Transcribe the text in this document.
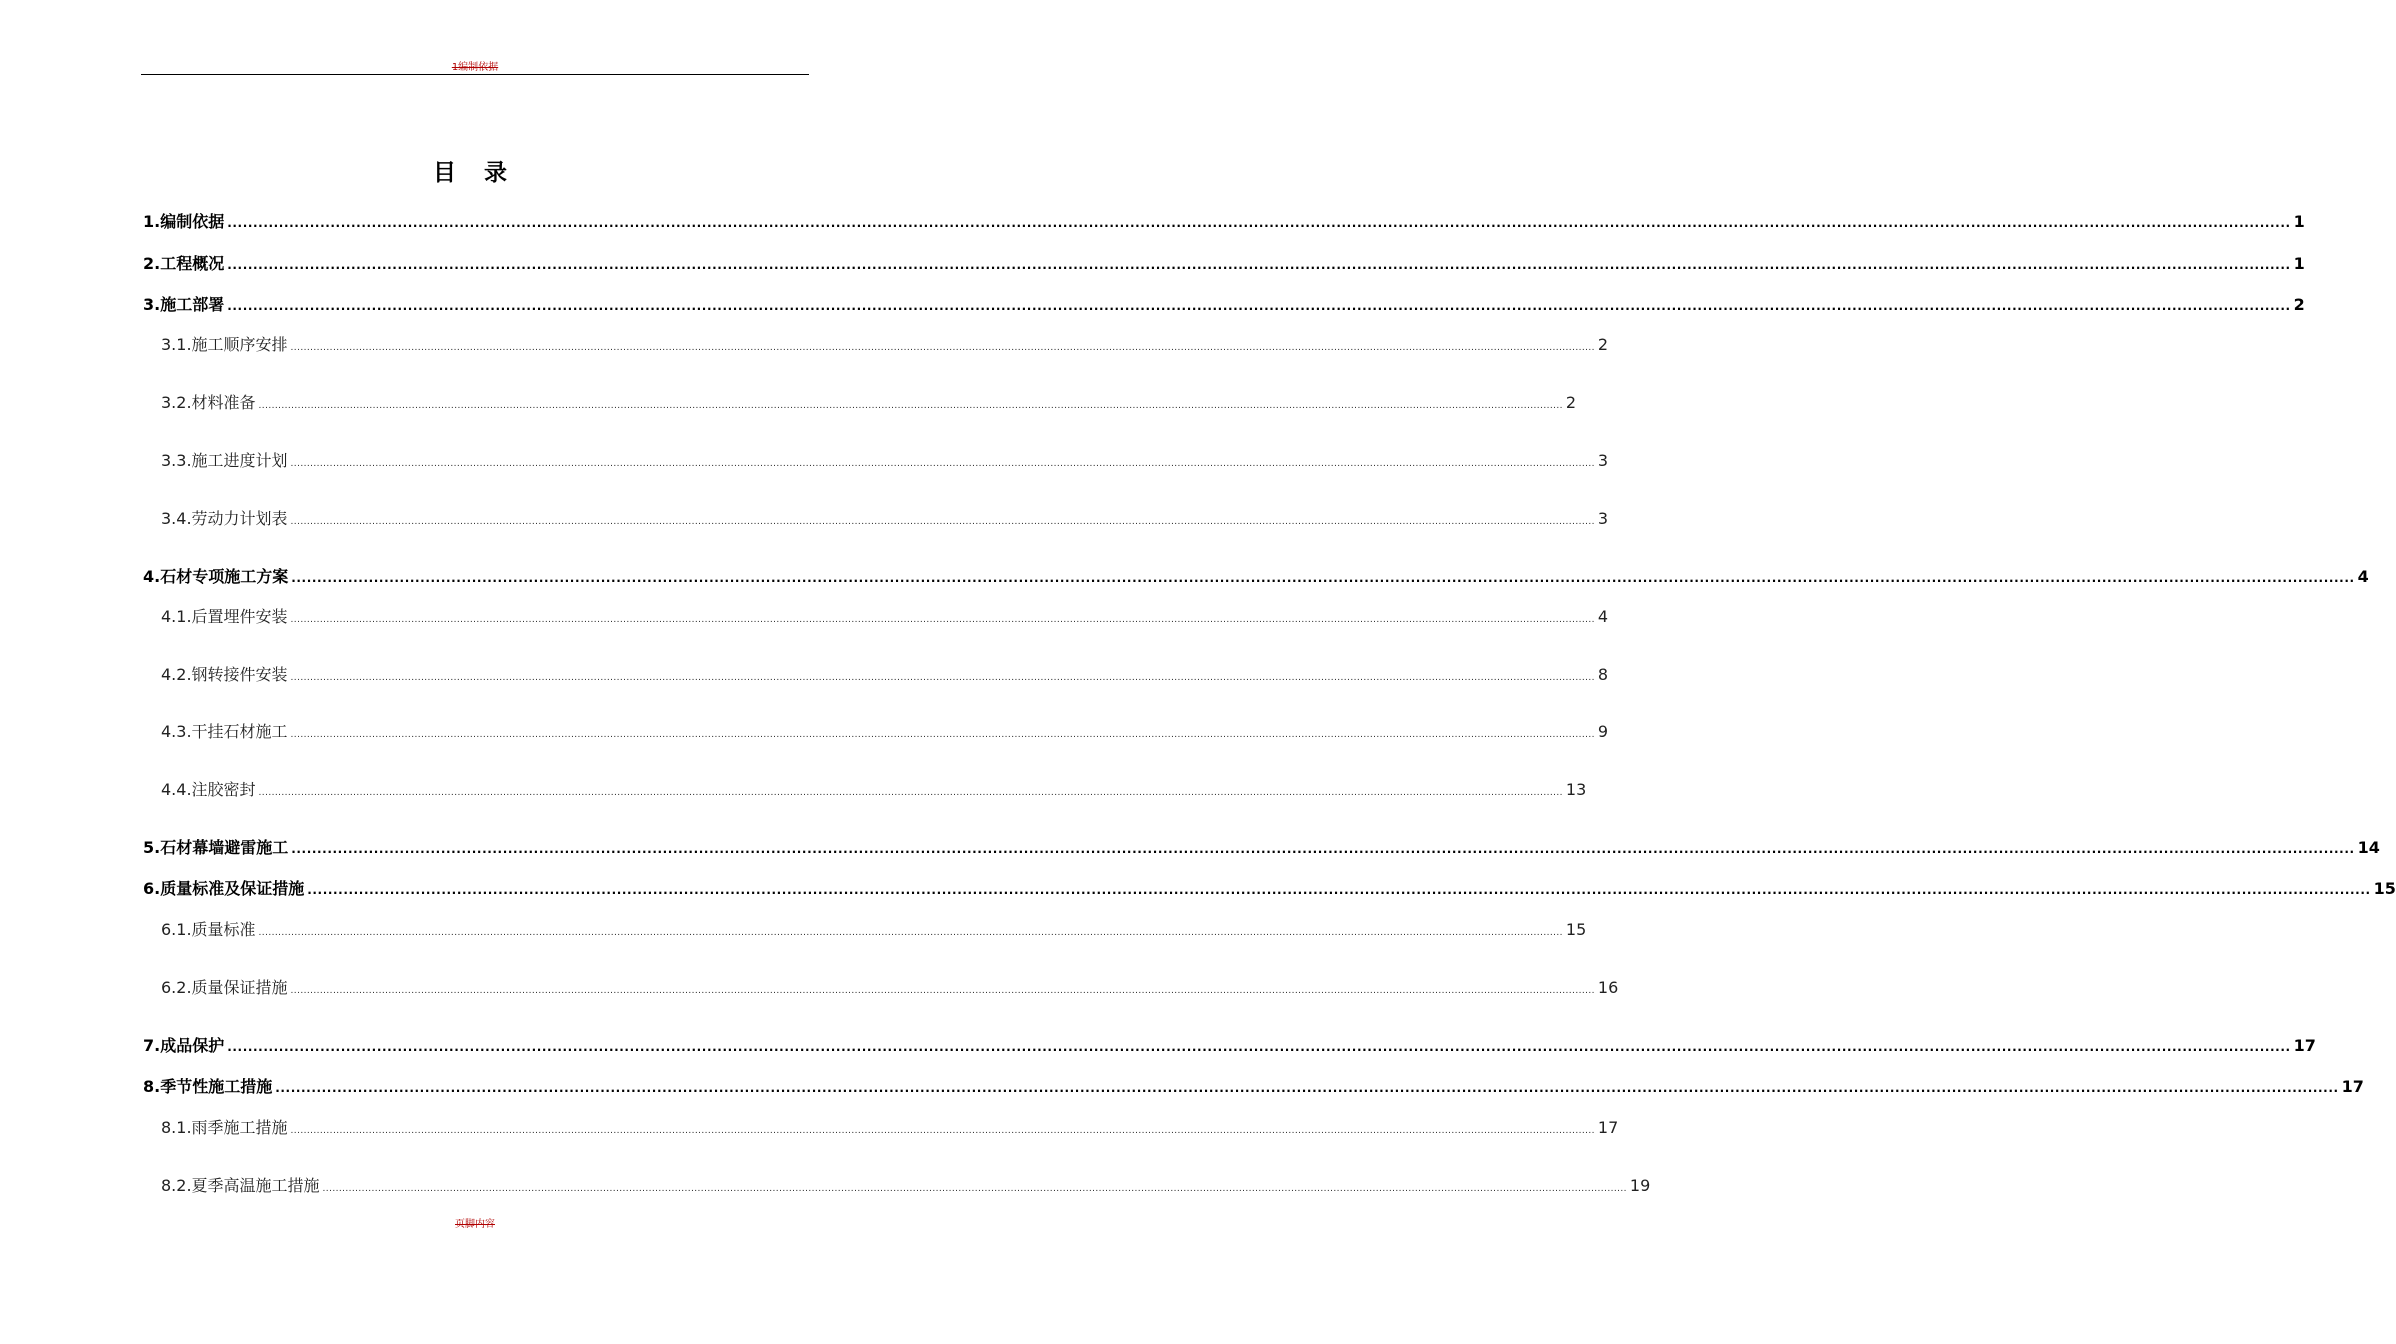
1编制依据
目 录
1.编制依据 ................................................................................................................................................................................................................................................................................................................................................................................................................ 1
2.工程概况 ................................................................................................................................................................................................................................................................................................................................................................................................................ 1
3.施工部署 ................................................................................................................................................................................................................................................................................................................................................................................................................ 2
3.1.施工顺序安排 ................................................................................................................................................................................................................................................................................................................................................................................................................ 2
3.2.材料准备 ................................................................................................................................................................................................................................................................................................................................................................................................................ 2
3.3.施工进度计划 ................................................................................................................................................................................................................................................................................................................................................................................................................ 3
3.4.劳动力计划表 ................................................................................................................................................................................................................................................................................................................................................................................................................ 3
4.石材专项施工方案 ................................................................................................................................................................................................................................................................................................................................................................................................................ 4
4.1.后置埋件安装 ................................................................................................................................................................................................................................................................................................................................................................................................................ 4
4.2.钢转接件安装 ................................................................................................................................................................................................................................................................................................................................................................................................................ 8
4.3.干挂石材施工 ................................................................................................................................................................................................................................................................................................................................................................................................................ 9
4.4.注胶密封 ................................................................................................................................................................................................................................................................................................................................................................................................................ 13
5.石材幕墙避雷施工 ................................................................................................................................................................................................................................................................................................................................................................................................................ 14
6.质量标准及保证措施 ................................................................................................................................................................................................................................................................................................................................................................................................................ 15
6.1.质量标准 ................................................................................................................................................................................................................................................................................................................................................................................................................ 15
6.2.质量保证措施 ................................................................................................................................................................................................................................................................................................................................................................................................................ 16
7.成品保护 ................................................................................................................................................................................................................................................................................................................................................................................................................ 17
8.季节性施工措施 ................................................................................................................................................................................................................................................................................................................................................................................................................ 17
8.1.雨季施工措施 ................................................................................................................................................................................................................................................................................................................................................................................................................ 17
8.2.夏季高温施工措施 ................................................................................................................................................................................................................................................................................................................................................................................................................ 19
页脚内容
